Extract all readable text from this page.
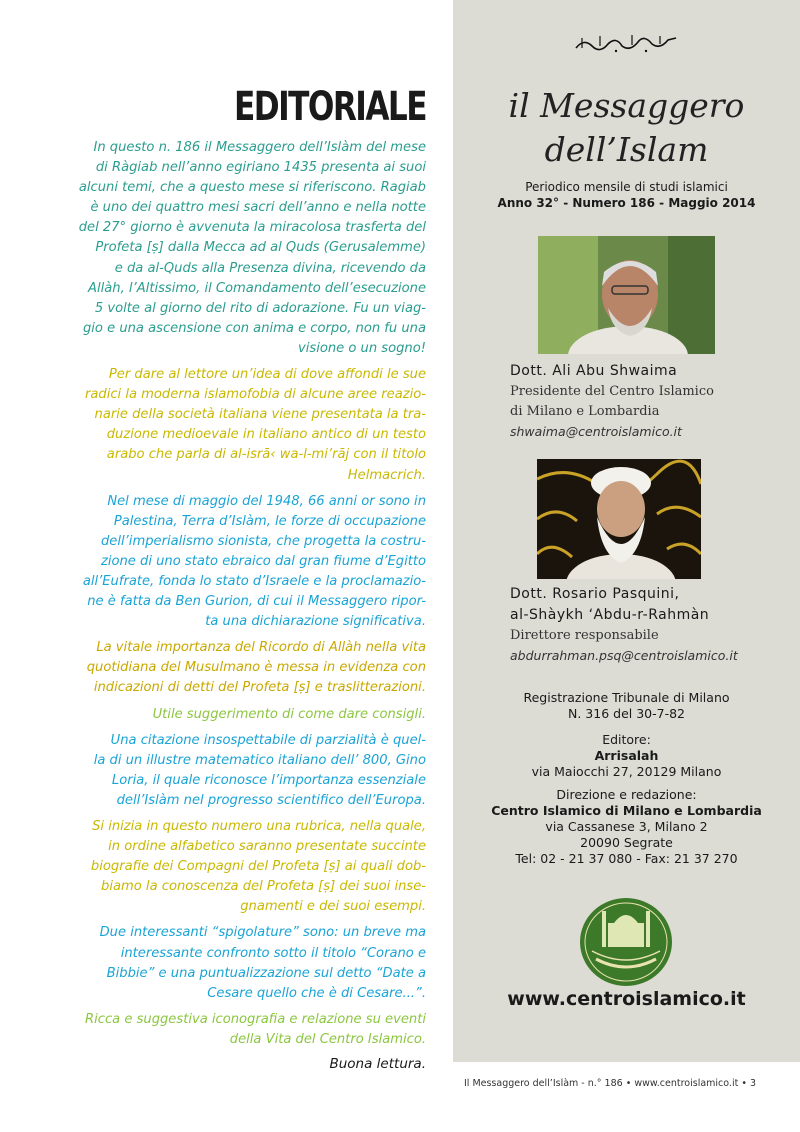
EDITORIALE
In questo n. 186 il Messaggero dell’Islàm del mese
di Ràgiab nell’anno egiriano 1435 presenta ai suoi
alcuni temi, che a questo mese si riferiscono. Ragiab
è uno dei quattro mesi sacri dell’anno e nella notte
del 27° giorno è avvenuta la miracolosa trasferta del
Profeta [ṣ] dalla Mecca ad al Quds (Gerusalemme)
e da al-Quds alla Presenza divina, ricevendo da
Allàh, l’Altissimo, il Comandamento dell’esecuzione
5 volte al giorno del rito di adorazione. Fu un viag-
gio e una ascensione con anima e corpo, non fu una
visione o un sogno!
Per dare al lettore un’idea di dove affondi le sue
radici la moderna islamofobia di alcune aree reazio-
narie della società italiana viene presentata la tra-
duzione medioevale in italiano antico di un testo
arabo che parla di al-isrā‹ wa-l-mi’rāj con il titolo
Helmacrich.
Nel mese di maggio del 1948, 66 anni or sono in
Palestina, Terra d’Islàm, le forze di occupazione
dell’imperialismo sionista, che progetta la costru-
zione di uno stato ebraico dal gran fiume d’Egitto
all’Eufrate, fonda lo stato d’Israele e la proclamazio-
ne è fatta da Ben Gurion, di cui il Messaggero ripor-
ta una dichiarazione significativa.
La vitale importanza del Ricordo di Allàh nella vita
quotidiana del Musulmano è messa in evidenza con
indicazioni di detti del Profeta [ṣ] e traslitterazioni.
Utile suggerimento di come dare consigli.
Una citazione insospettabile di parzialità è quel-
la di un illustre matematico italiano dell’ 800, Gino
Loria, il quale riconosce l’importanza essenziale
dell’Islàm nel progresso scientifico dell’Europa.
Si inizia in questo numero una rubrica, nella quale,
in ordine alfabetico saranno presentate succinte
biografie dei Compagni del Profeta [ṣ] ai quali dob-
biamo la conoscenza del Profeta [ṣ] dei suoi inse-
gnamenti e dei suoi esempi.
Due interessanti “spigolature” sono: un breve ma
interessante confronto sotto il titolo “Corano e
Bibbie” e una puntualizzazione sul detto “Date a
Cesare quello che è di Cesare...”.
Ricca e suggestiva iconografia e relazione su eventi
della Vita del Centro Islamico.
Buona lettura.
il Messaggero
dell’Islam
Periodico mensile di studi islamici
Anno 32° - Numero 186 - Maggio 2014
Dott. Ali Abu Shwaima
Presidente del Centro Islamico
di Milano e Lombardia
shwaima@centroislamico.it
Dott. Rosario Pasquini,
al-Shàykh ‘Abdu-r-Rahmàn
Direttore responsabile
abdurrahman.psq@centroislamico.it
Registrazione Tribunale di Milano
N. 316 del 30-7-82
Editore:
Arrisalah
via Maiocchi 27, 20129 Milano
Direzione e redazione:
Centro Islamico di Milano e Lombardia
via Cassanese 3, Milano 2
20090 Segrate
Tel: 02 - 21 37 080 - Fax: 21 37 270
www.centroislamico.it
Il Messaggero dell’Islàm - n.° 186 • www.centroislamico.it • 3
